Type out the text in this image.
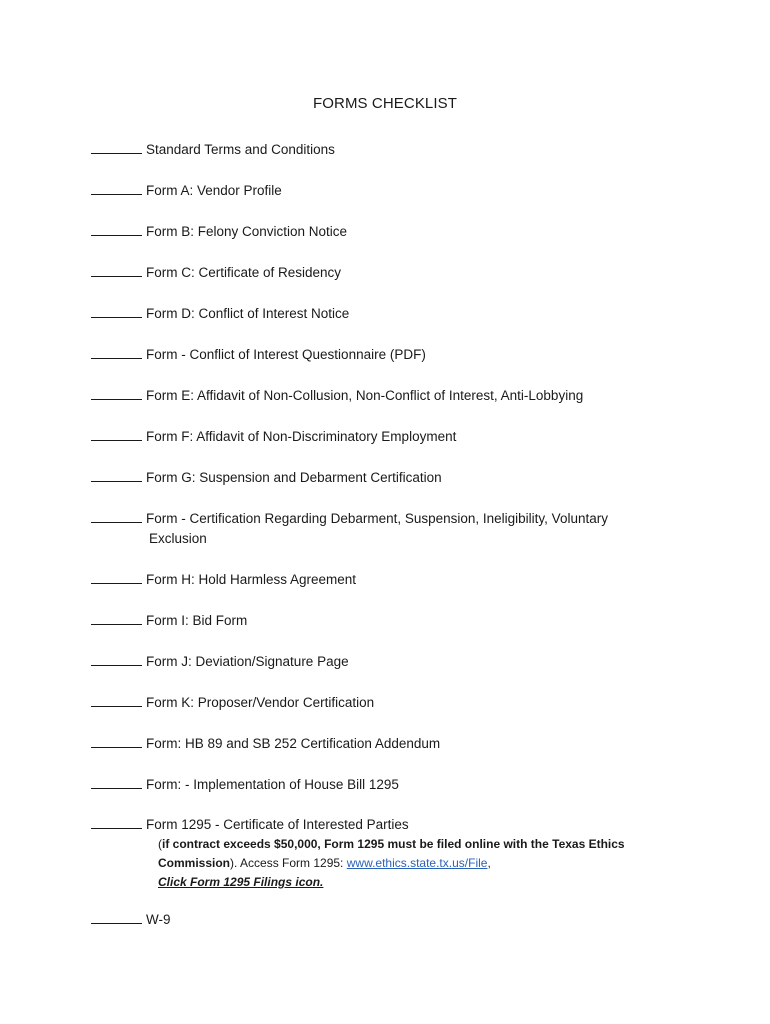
FORMS CHECKLIST
Standard Terms and Conditions
Form A: Vendor Profile
Form B: Felony Conviction Notice
Form C: Certificate of Residency
Form D: Conflict of Interest Notice
Form - Conflict of Interest Questionnaire (PDF)
Form E: Affidavit of Non-Collusion, Non-Conflict of Interest, Anti-Lobbying
Form F: Affidavit of Non-Discriminatory Employment
Form G: Suspension and Debarment Certification
Form - Certification Regarding Debarment, Suspension, Ineligibility, Voluntary
Exclusion
Form H: Hold Harmless Agreement
Form I: Bid Form
Form J: Deviation/Signature Page
Form K: Proposer/Vendor Certification
Form: HB 89 and SB 252 Certification Addendum
Form: - Implementation of House Bill 1295
Form 1295 - Certificate of Interested Parties
(if contract exceeds $50,000, Form 1295 must be filed online with the Texas Ethics
Commission). Access Form 1295: www.ethics.state.tx.us/File,
Click Form 1295 Filings icon.
W-9
